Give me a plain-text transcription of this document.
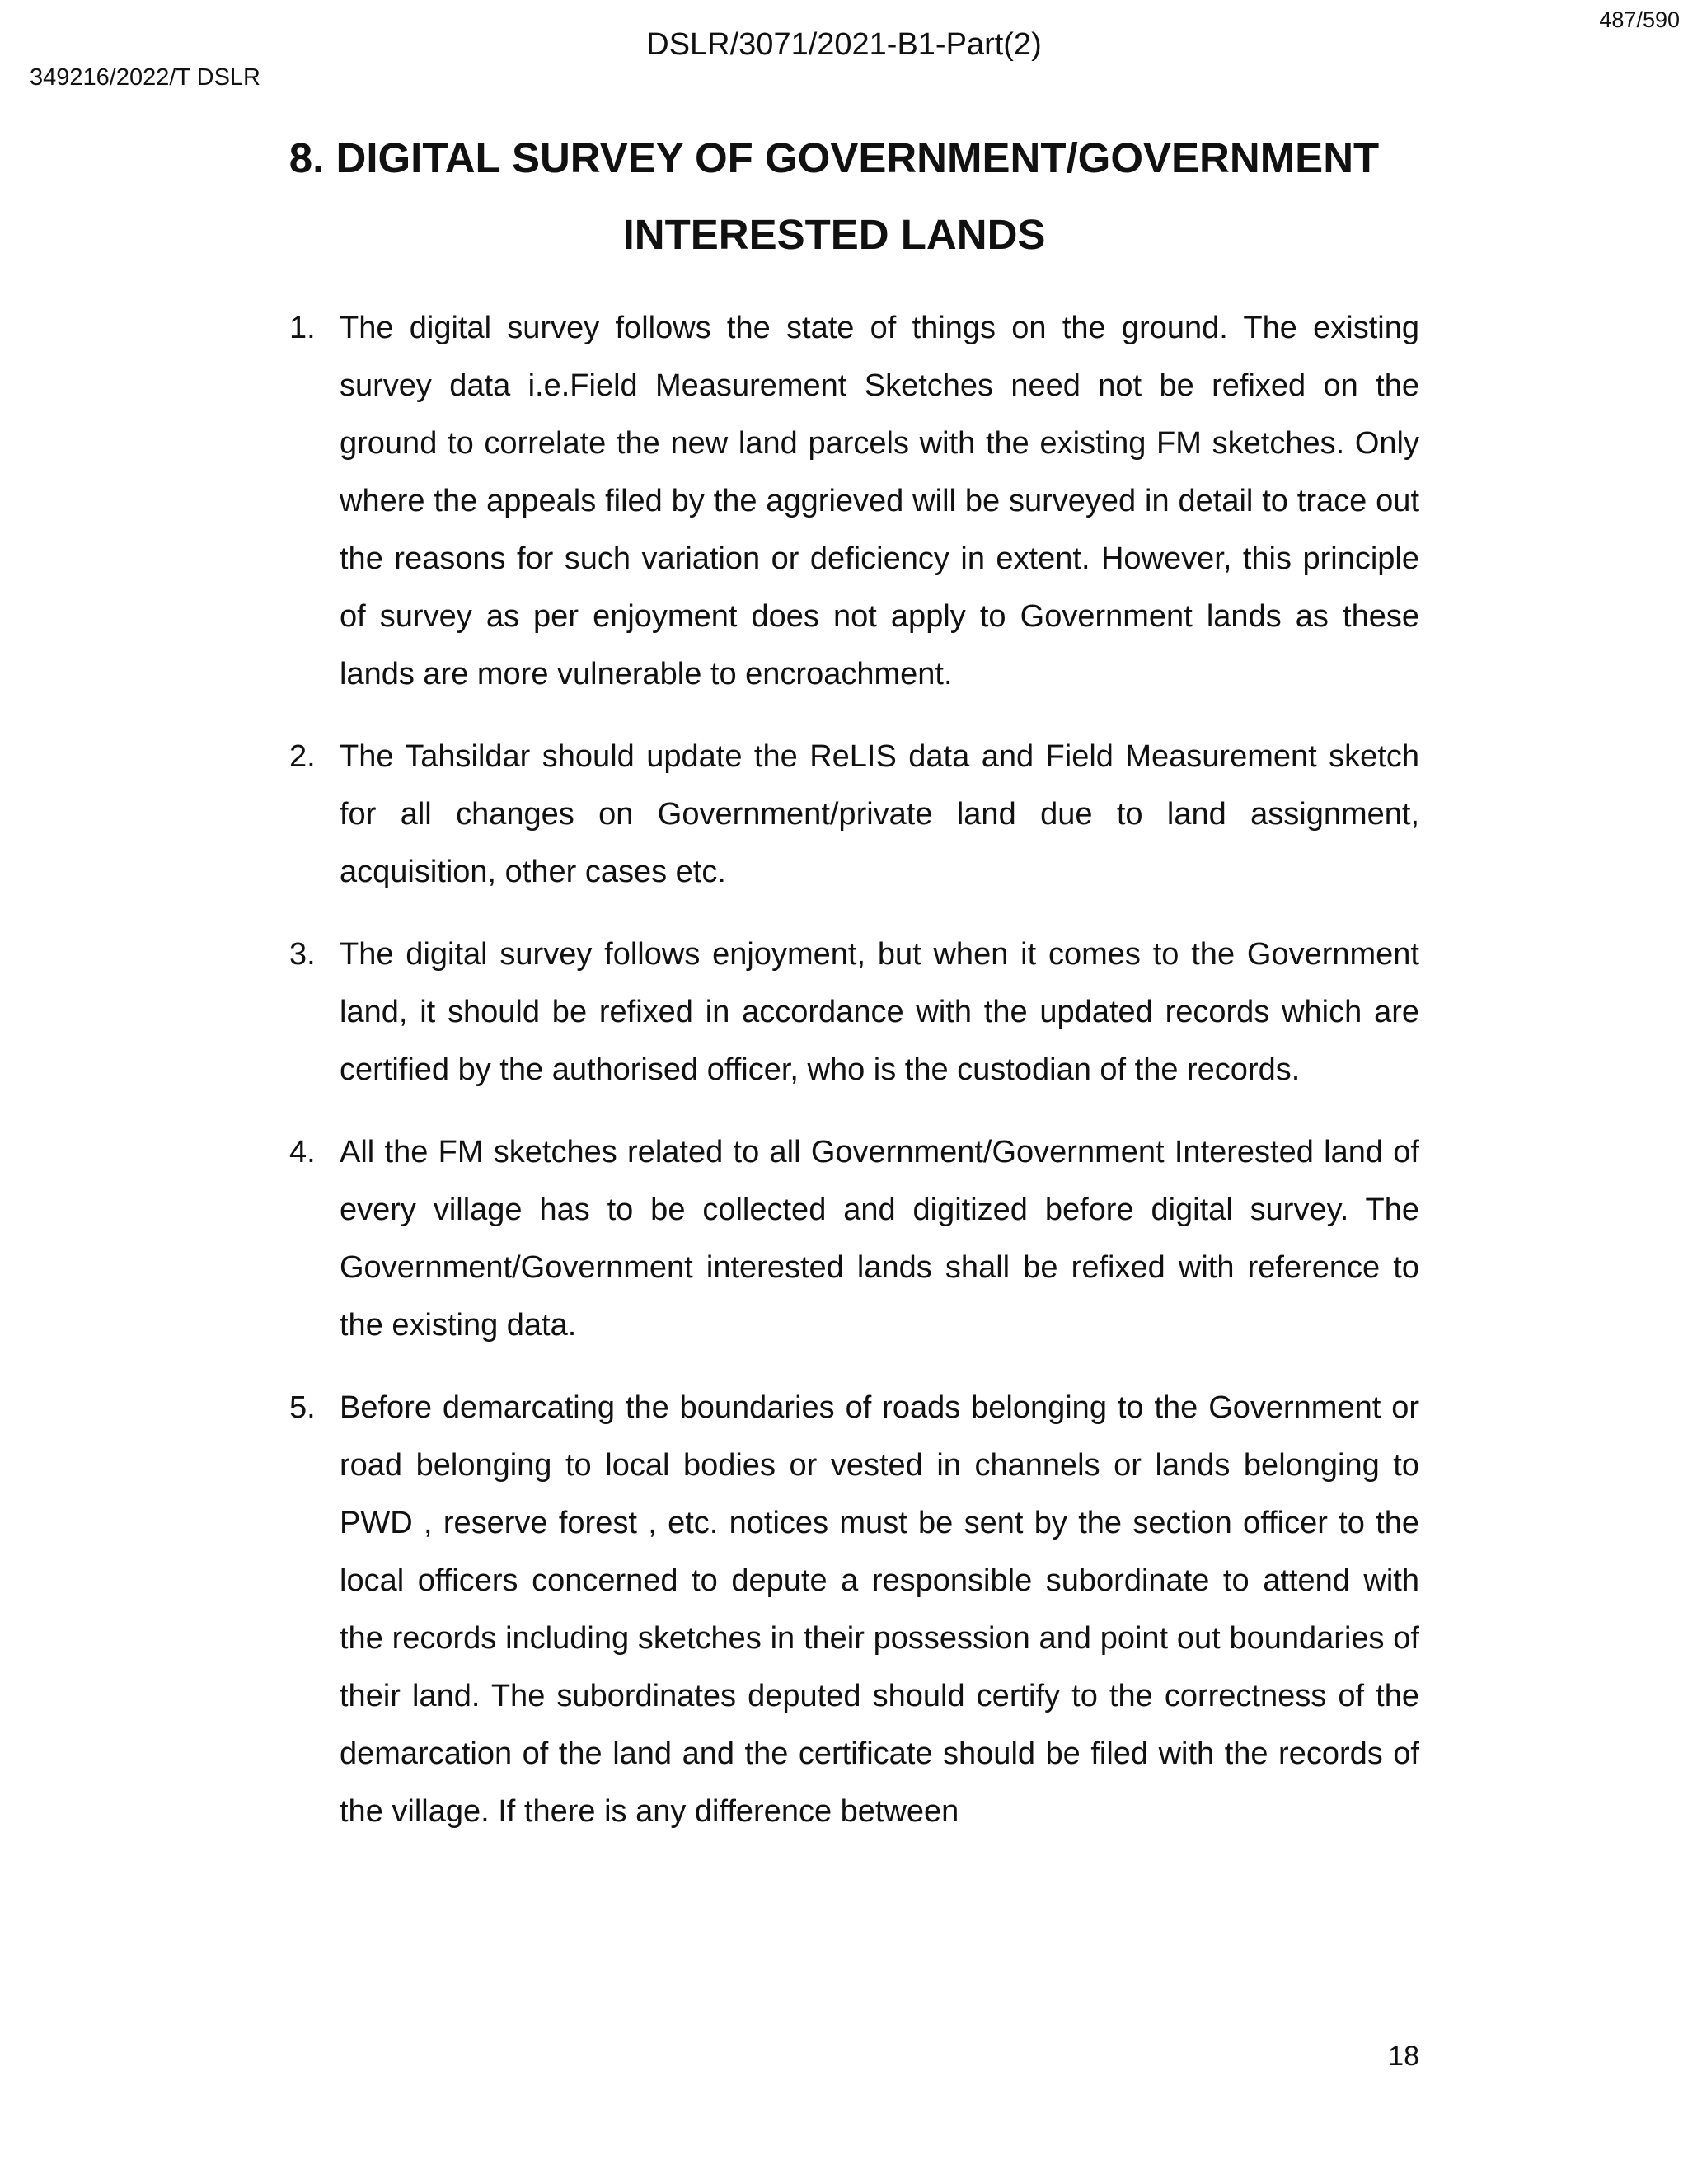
487/590
DSLR/3071/2021-B1-Part(2)
349216/2022/T DSLR
8. DIGITAL SURVEY OF GOVERNMENT/GOVERNMENT INTERESTED LANDS
1. The digital survey follows the state of things on the ground. The existing survey data i.e.Field Measurement Sketches need not be refixed on the ground to correlate the new land parcels with the existing FM sketches. Only where the appeals filed by the aggrieved will be surveyed in detail to trace out the reasons for such variation or deficiency in extent. However, this principle of survey as per enjoyment does not apply to Government lands as these lands are more vulnerable to encroachment.
2. The Tahsildar should update the ReLIS data and Field Measurement sketch for all changes on Government/private land due to land assignment, acquisition, other cases etc.
3. The digital survey follows enjoyment, but when it comes to the Government land, it should be refixed in accordance with the updated records which are certified by the authorised officer, who is the custodian of the records.
4. All the FM sketches related to all Government/Government Interested land of every village has to be collected and digitized before digital survey. The Government/Government interested lands shall be refixed with reference to the existing data.
5. Before demarcating the boundaries of roads belonging to the Government or road belonging to local bodies or vested in channels or lands belonging to PWD , reserve forest , etc. notices must be sent by the section officer to the local officers concerned to depute a responsible subordinate to attend with the records including sketches in their possession and point out boundaries of their land. The subordinates deputed should certify to the correctness of the demarcation of the land and the certificate should be filed with the records of the village. If there is any difference between
18
